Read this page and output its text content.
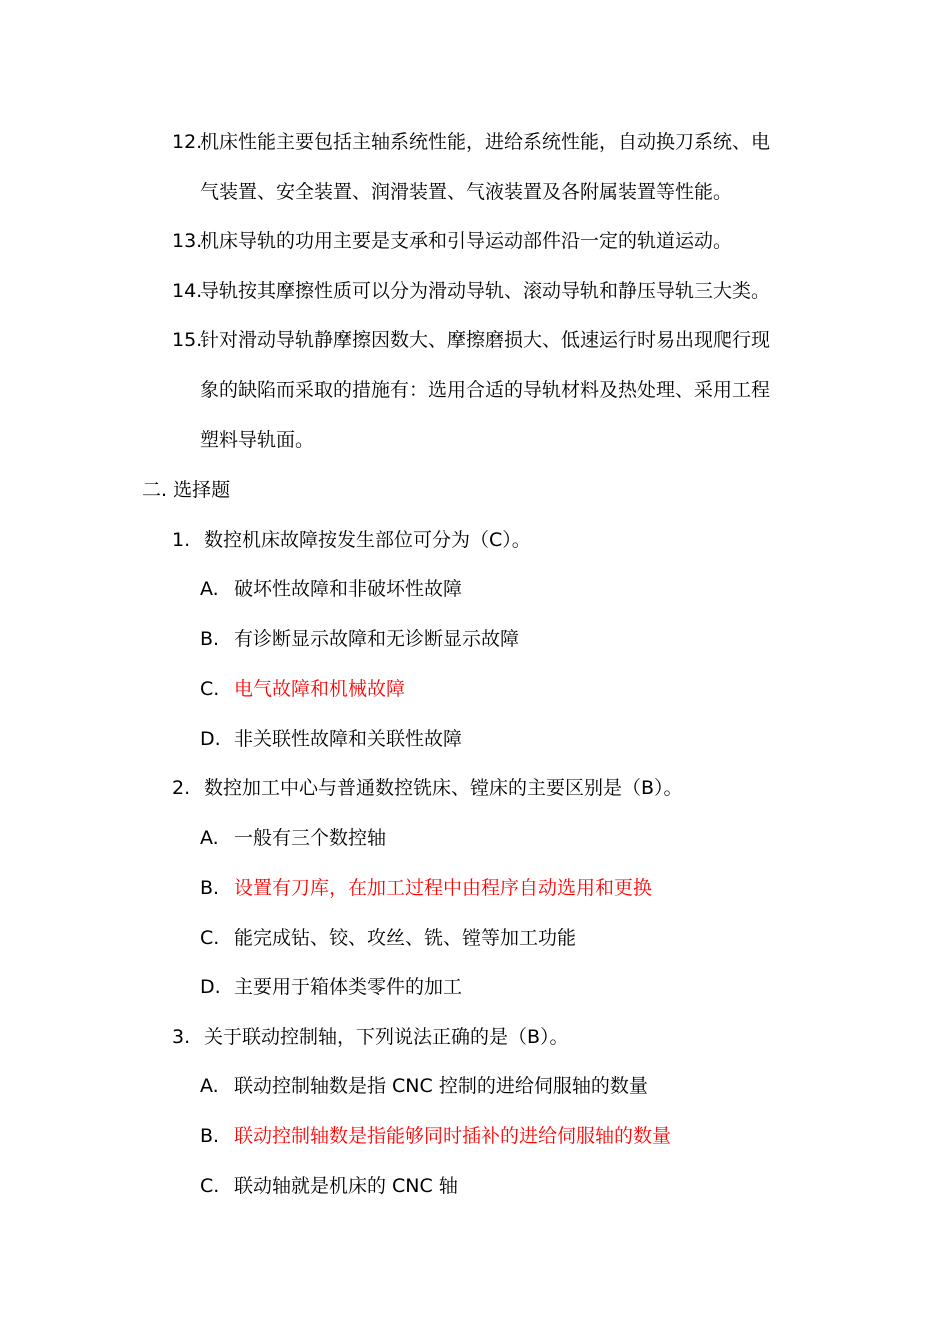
12.
机床性能主要包括主轴系统性能，进给系统性能，自动换刀系统、电
气装置、安全装置、润滑装置、气液装置及各附属装置等性能。
13.
机床导轨的功用主要是支承和引导运动部件沿一定的轨道运动。
14.
导轨按其摩擦性质可以分为滑动导轨、滚动导轨和静压导轨三大类。
15.
针对滑动导轨静摩擦因数大、摩擦磨损大、低速运行时易出现爬行现
象的缺陷而采取的措施有：选用合适的导轨材料及热处理、采用工程
塑料导轨面。
二. 选择题
1. 数控机床故障按发生部位可分为（C）。
A. 破坏性故障和非破坏性故障
B. 有诊断显示故障和无诊断显示故障
C. 电气故障和机械故障
D. 非关联性故障和关联性故障
2. 数控加工中心与普通数控铣床、镗床的主要区别是（B）。
A. 一般有三个数控轴
B. 设置有刀库，在加工过程中由程序自动选用和更换
C. 能完成钻、铰、攻丝、铣、镗等加工功能
D. 主要用于箱体类零件的加工
3. 关于联动控制轴，下列说法正确的是（B）。
A. 联动控制轴数是指 CNC 控制的进给伺服轴的数量
B. 联动控制轴数是指能够同时插补的进给伺服轴的数量
C. 联动轴就是机床的 CNC 轴
